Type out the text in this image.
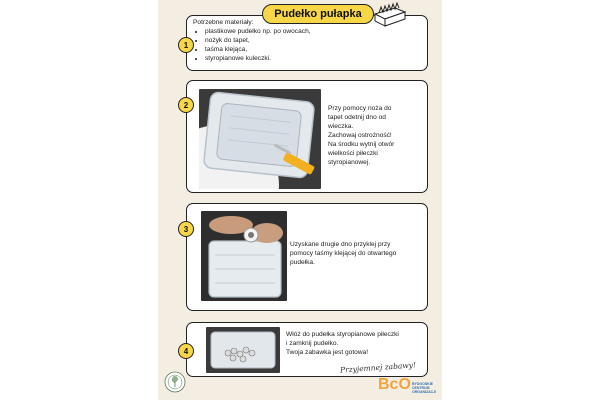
Pudełko pułapka
1

Potrzebne materiały:

• plastikowe pudełko np. po owocach,
• nożyk do tapet,
• taśma klejąca,
• styropianowe kuleczki.
2	Przy pomocy noża do

tapet odetnij dno od

wieczka.

Zachowaj ostrożność!

Na środku wytnij otwór

wielkości piłeczki

styropianowej.

3

Uzyskane drugie dno przyklej przy

pomocy taśmy klejącej do otwartego

pudełka.

4

Włóż do pudełka styropianowe piłeczki

i zamknij pudełko.

Twoja zabawka jest gotowa!

Przyjemnej zabawy!
BcO BYDGOSKIE
CENTRUM
ORGANIZACJI
